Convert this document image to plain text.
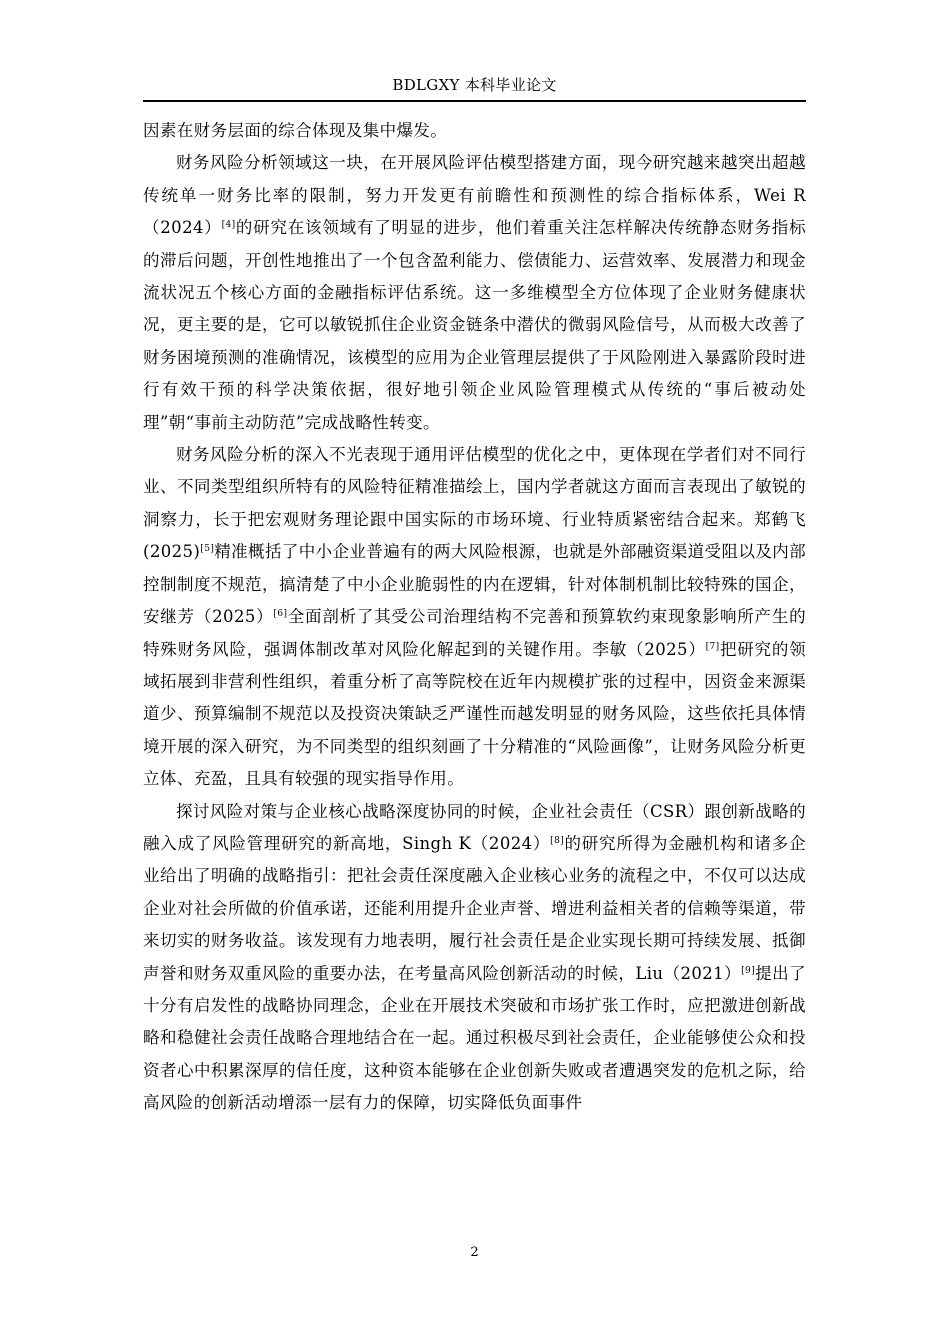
BDLGXY 本科毕业论文

因素在财务层面的综合体现及集中爆发。

财务风险分析领域这一块，在开展风险评估模型搭建方面，现今研究越来越突出超越传统单一财务比率的限制，努力开发更有前瞻性和预测性的综合指标体系，Wei R（2024）[4]的研究在该领域有了明显的进步，他们着重关注怎样解决传统静态财务指标的滞后问题，开创性地推出了一个包含盈利能力、偿债能力、运营效率、发展潜力和现金流状况五个核心方面的金融指标评估系统。这一多维模型全方位体现了企业财务健康状况，更主要的是，它可以敏锐抓住企业资金链条中潜伏的微弱风险信号，从而极大改善了财务困境预测的准确情况，该模型的应用为企业管理层提供了于风险刚进入暴露阶段时进行有效干预的科学决策依据，很好地引领企业风险管理模式从传统的“事后被动处理”朝“事前主动防范”完成战略性转变。

财务风险分析的深入不光表现于通用评估模型的优化之中，更体现在学者们对不同行业、不同类型组织所特有的风险特征精准描绘上，国内学者就这方面而言表现出了敏锐的洞察力，长于把宏观财务理论跟中国实际的市场环境、行业特质紧密结合起来。郑鹤飞(2025)[5]精准概括了中小企业普遍有的两大风险根源，也就是外部融资渠道受阻以及内部控制制度不规范，搞清楚了中小企业脆弱性的内在逻辑，针对体制机制比较特殊的国企，安继芳（2025）[6]全面剖析了其受公司治理结构不完善和预算软约束现象影响所产生的特殊财务风险，强调体制改革对风险化解起到的关键作用。李敏（2025）[7]把研究的领域拓展到非营利性组织，着重分析了高等院校在近年内规模扩张的过程中，因资金来源渠道少、预算编制不规范以及投资决策缺乏严谨性而越发明显的财务风险，这些依托具体情境开展的深入研究，为不同类型的组织刻画了十分精准的“风险画像”，让财务风险分析更立体、充盈，且具有较强的现实指导作用。

探讨风险对策与企业核心战略深度协同的时候，企业社会责任（CSR）跟创新战略的融入成了风险管理研究的新高地，Singh K（2024）[8]的研究所得为金融机构和诸多企业给出了明确的战略指引：把社会责任深度融入企业核心业务的流程之中，不仅可以达成企业对社会所做的价值承诺，还能利用提升企业声誉、增进利益相关者的信赖等渠道，带来切实的财务收益。该发现有力地表明，履行社会责任是企业实现长期可持续发展、抵御声誉和财务双重风险的重要办法，在考量高风险创新活动的时候，Liu（2021）[9]提出了十分有启发性的战略协同理念，企业在开展技术突破和市场扩张工作时，应把激进创新战略和稳健社会责任战略合理地结合在一起。通过积极尽到社会责任，企业能够使公众和投资者心中积累深厚的信任度，这种资本能够在企业创新失败或者遭遇突发的危机之际，给高风险的创新活动增添一层有力的保障，切实降低负面事件

2
